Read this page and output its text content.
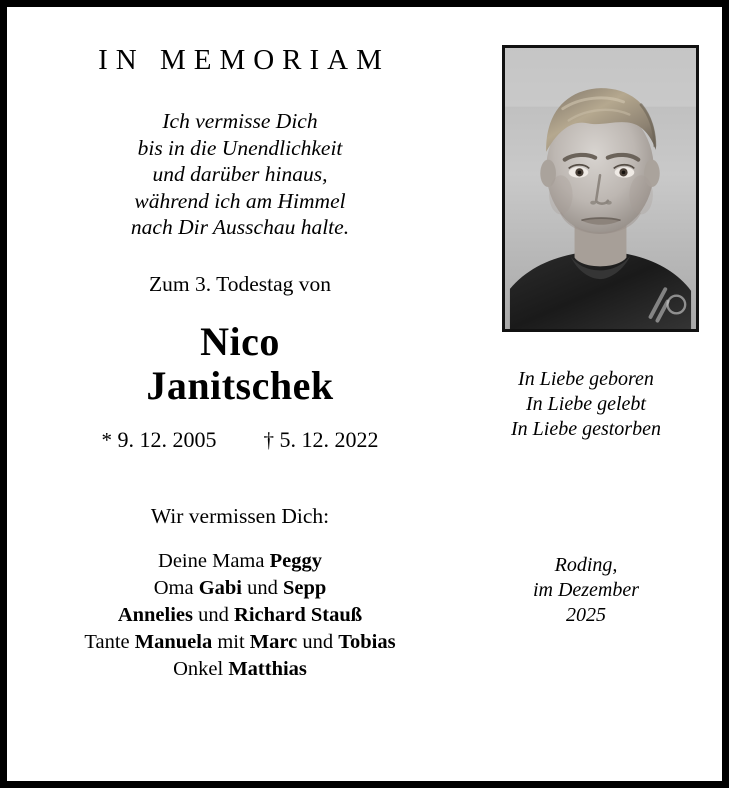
IN MEMORIAM
Ich vermisse Dich
bis in die Unendlichkeit
und darüber hinaus,
während ich am Himmel
nach Dir Ausschau halte.
Zum 3. Todestag von
Nico
Janitschek
* 9. 12. 2005 † 5. 12. 2022
Wir vermissen Dich:
Deine Mama Peggy
Oma Gabi und Sepp
Annelies und Richard Stauß
Tante Manuela mit Marc und Tobias
Onkel Matthias
In Liebe geboren
In Liebe gelebt
In Liebe gestorben
Roding,
im Dezember
2025
